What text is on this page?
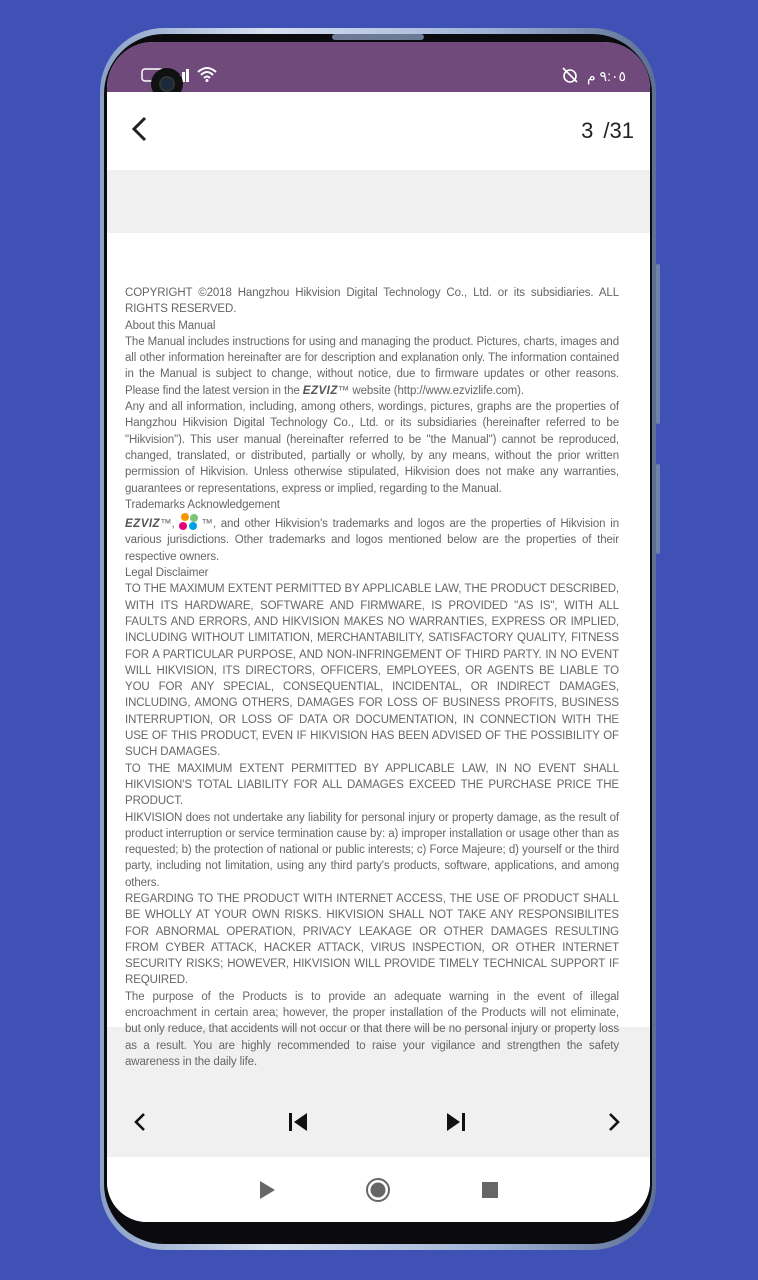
٩:٠٥ م
3 /31

COPYRIGHT ©2018 Hangzhou Hikvision Digital Technology Co., Ltd. or its subsidiaries. ALL RIGHTS RESERVED.

About this Manual

The Manual includes instructions for using and managing the product. Pictures, charts, images and all other information hereinafter are for description and explanation only. The information contained in the Manual is subject to change, without notice, due to firmware updates or other reasons. Please find the latest version in the EZVIZ™ website (http://www.ezvizlife.com).

Any and all information, including, among others, wordings, pictures, graphs are the properties of Hangzhou Hikvision Digital Technology Co., Ltd. or its subsidiaries (hereinafter referred to be "Hikvision"). This user manual (hereinafter referred to be "the Manual") cannot be reproduced, changed, translated, or distributed, partially or wholly, by any means, without the prior written permission of Hikvision. Unless otherwise stipulated, Hikvision does not make any warranties, guarantees or representations, express or implied, regarding to the Manual.

Trademarks Acknowledgement

EZVIZ™,
™, and other Hikvision's trademarks and logos are the properties of Hikvision in various jurisdictions. Other trademarks and logos mentioned below are the properties of their respective owners.

Legal Disclaimer

TO THE MAXIMUM EXTENT PERMITTED BY APPLICABLE LAW, THE PRODUCT DESCRIBED, WITH ITS HARDWARE, SOFTWARE AND FIRMWARE, IS PROVIDED "AS IS", WITH ALL FAULTS AND ERRORS, AND HIKVISION MAKES NO WARRANTIES, EXPRESS OR IMPLIED, INCLUDING WITHOUT LIMITATION, MERCHANTABILITY, SATISFACTORY QUALITY, FITNESS FOR A PARTICULAR PURPOSE, AND NON-INFRINGEMENT OF THIRD PARTY. IN NO EVENT WILL HIKVISION, ITS DIRECTORS, OFFICERS, EMPLOYEES, OR AGENTS BE LIABLE TO YOU FOR ANY SPECIAL, CONSEQUENTIAL, INCIDENTAL, OR INDIRECT DAMAGES, INCLUDING, AMONG OTHERS, DAMAGES FOR LOSS OF BUSINESS PROFITS, BUSINESS INTERRUPTION, OR LOSS OF DATA OR DOCUMENTATION, IN CONNECTION WITH THE USE OF THIS PRODUCT, EVEN IF HIKVISION HAS BEEN ADVISED OF THE POSSIBILITY OF SUCH DAMAGES.

TO THE MAXIMUM EXTENT PERMITTED BY APPLICABLE LAW, IN NO EVENT SHALL HIKVISION'S TOTAL LIABILITY FOR ALL DAMAGES EXCEED THE PURCHASE PRICE THE PRODUCT.

HIKVISION does not undertake any liability for personal injury or property damage, as the result of product interruption or service termination cause by: a) improper installation or usage other than as requested; b) the protection of national or public interests; c) Force Majeure; d) yourself or the third party, including not limitation, using any third party's products, software, applications, and among others.

REGARDING TO THE PRODUCT WITH INTERNET ACCESS, THE USE OF PRODUCT SHALL BE WHOLLY AT YOUR OWN RISKS. HIKVISION SHALL NOT TAKE ANY RESPONSIBILITES FOR ABNORMAL OPERATION, PRIVACY LEAKAGE OR OTHER DAMAGES RESULTING FROM CYBER ATTACK, HACKER ATTACK, VIRUS INSPECTION, OR OTHER INTERNET SECURITY RISKS; HOWEVER, HIKVISION WILL PROVIDE TIMELY TECHNICAL SUPPORT IF REQUIRED.

The purpose of the Products is to provide an adequate warning in the event of illegal encroachment in certain area; however, the proper installation of the Products will not eliminate, but only reduce, that accidents will not occur or that there will be no personal injury or property loss as a result. You are highly recommended to raise your vigilance and strengthen the safety awareness in the daily life.
